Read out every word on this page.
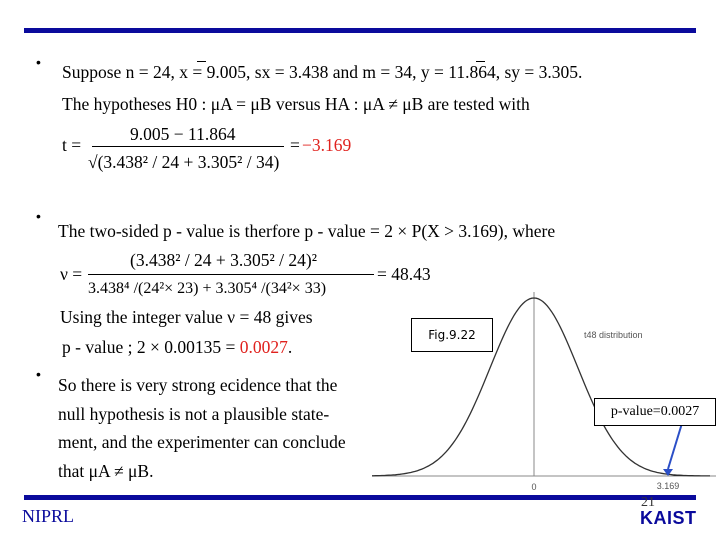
•
•
•
Suppose n = 24, x = 9.005, sx = 3.438 and m = 34, y = 11.864, sy = 3.305.
The hypotheses H0 : μA = μB versus HA : μA ≠ μB are tested with
t =
9.005 − 11.864
√(3.438² / 24 + 3.305² / 34)
= −3.169
The two-sided p - value is therfore p - value = 2 × P(X > 3.169), where
ν =
(3.438² / 24 + 3.305² / 24)²
3.438⁴ /(24²× 23) + 3.305⁴ /(34²× 33)
= 48.43
Using the integer value ν = 48 gives
p - value ; 2 × 0.00135 = 0.0027.
0	3.169
t48 distribution
Fig.9.22
So there is very strong ecidence that the
null hypothesis is not a plausible state-
ment, and the experimenter can conclude
that μA ≠ μB.
p-value=0.0027
NIPRL
21
KAIST
